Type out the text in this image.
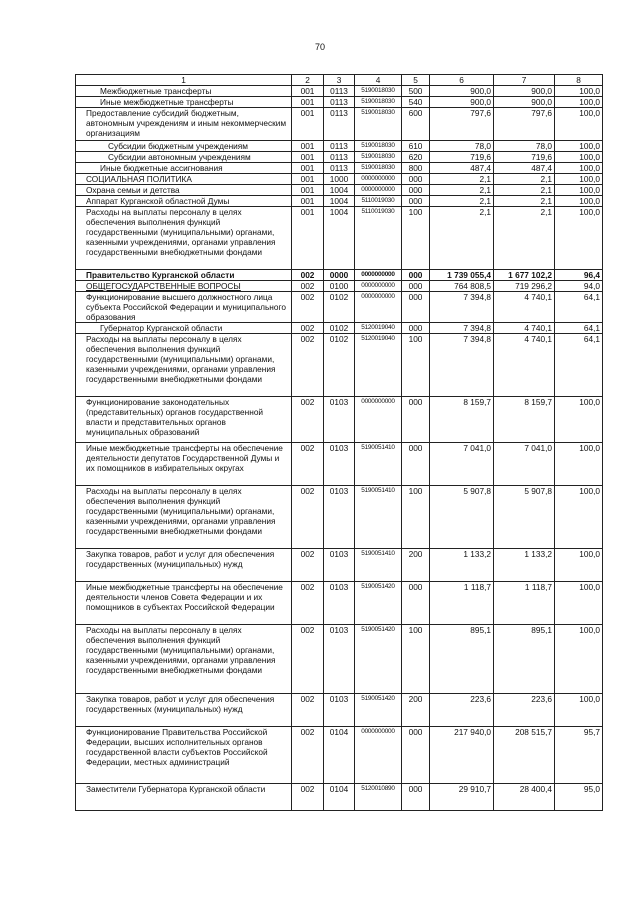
70
1	2	3	4	5	6	7	8
Межбюджетные трансферты	001	0113	5190018030	500	900,0	900,0	100,0
Иные межбюджетные трансферты	001	0113	5190018030	540	900,0	900,0	100,0
Предоставление субсидий бюджетным, автономным учреждениям и иным некоммерческим организациям	001	0113	5190018030	600	797,6	797,6	100,0
Субсидии бюджетным учреждениям	001	0113	5190018030	610	78,0	78,0	100,0
Субсидии автономным учреждениям	001	0113	5190018030	620	719,6	719,6	100,0
Иные бюджетные ассигнования	001	0113	5190018030	800	487,4	487,4	100,0
СОЦИАЛЬНАЯ ПОЛИТИКА	001	1000	0000000000	000	2,1	2,1	100,0
Охрана семьи и детства	001	1004	0000000000	000	2,1	2,1	100,0
Аппарат Курганской областной Думы	001	1004	5110019030	000	2,1	2,1	100,0
Расходы на выплаты персоналу в целях обеспечения выполнения функций государственными (муниципальными) органами, казенными учреждениями, органами управления государственными внебюджетными фондами	001	1004	5110019030	100	2,1	2,1	100,0
Правительство Курганской области	002	0000	0000000000	000	1 739 055,4	1 677 102,2	96,4
ОБЩЕГОСУДАРСТВЕННЫЕ ВОПРОСЫ	002	0100	0000000000	000	764 808,5	719 296,2	94,0
Функционирование высшего должностного лица субъекта Российской Федерации и муниципального образования	002	0102	0000000000	000	7 394,8	4 740,1	64,1
Губернатор Курганской области	002	0102	5120019040	000	7 394,8	4 740,1	64,1
Расходы на выплаты персоналу в целях обеспечения выполнения функций государственными (муниципальными) органами, казенными учреждениями, органами управления государственными внебюджетными фондами	002	0102	5120019040	100	7 394,8	4 740,1	64,1
Функционирование законодательных (представительных) органов государственной власти и представительных органов муниципальных образований	002	0103	0000000000	000	8 159,7	8 159,7	100,0
Иные межбюджетные трансферты на обеспечение деятельности депутатов Государственной Думы и их помощников в избирательных округах	002	0103	5190051410	000	7 041,0	7 041,0	100,0
Расходы на выплаты персоналу в целях обеспечения выполнения функций государственными (муниципальными) органами, казенными учреждениями, органами управления государственными внебюджетными фондами	002	0103	5190051410	100	5 907,8	5 907,8	100,0
Закупка товаров, работ и услуг для обеспечения государственных (муниципальных) нужд	002	0103	5190051410	200	1 133,2	1 133,2	100,0
Иные межбюджетные трансферты на обеспечение деятельности членов Совета Федерации и их помощников в субъектах Российской Федерации	002	0103	5190051420	000	1 118,7	1 118,7	100,0
Расходы на выплаты персоналу в целях обеспечения выполнения функций государственными (муниципальными) органами, казенными учреждениями, органами управления государственными внебюджетными фондами	002	0103	5190051420	100	895,1	895,1	100,0
Закупка товаров, работ и услуг для обеспечения государственных (муниципальных) нужд	002	0103	5190051420	200	223,6	223,6	100,0
Функционирование Правительства Российской Федерации, высших исполнительных органов государственной власти субъектов Российской Федерации, местных администраций	002	0104	0000000000	000	217 940,0	208 515,7	95,7
Заместители Губернатора Курганской области	002	0104	5120010890	000	29 910,7	28 400,4	95,0
